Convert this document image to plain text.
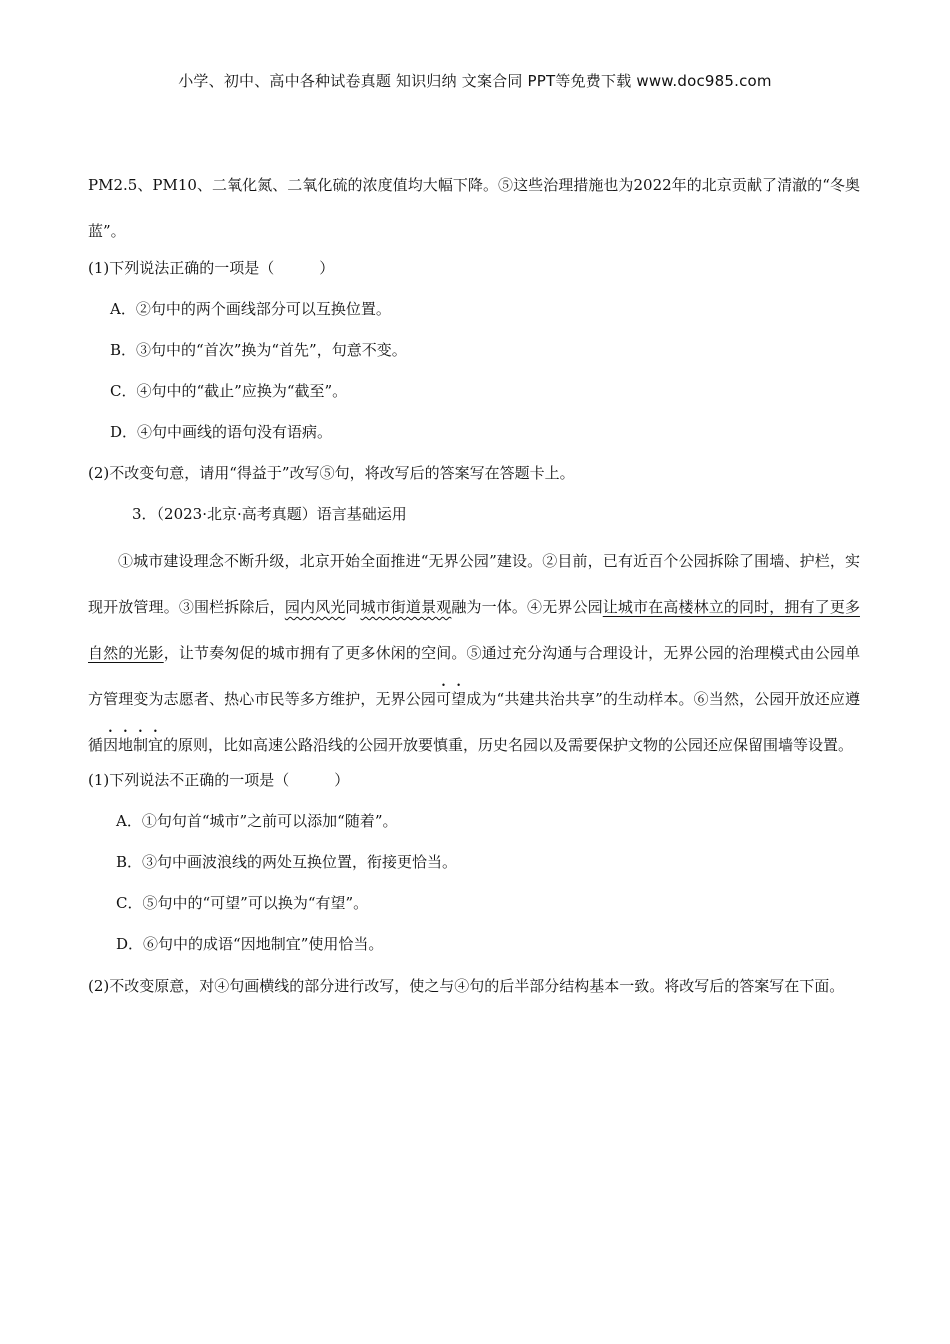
小学、初中、高中各种试卷真题 知识归纳 文案合同 PPT等免费下载 www.doc985.com

PM2.5、PM10、二氧化氮、二氧化硫的浓度值均大幅下降。⑤这些治理措施也为2022年的北京贡献了清澈的“冬奥蓝”。

(1)下列说法正确的一项是（　　　）

A．②句中的两个画线部分可以互换位置。

B．③句中的“首次”换为“首先”，句意不变。

C．④句中的“截止”应换为“截至”。

D．④句中画线的语句没有语病。

(2)不改变句意，请用“得益于”改写⑤句，将改写后的答案写在答题卡上。

3．（2023·北京·高考真题）语言基础运用

①城市建设理念不断升级，北京开始全面推进“无界公园”建设。②目前，已有近百个公园拆除了围墙、护栏，实现开放管理。③围栏拆除后，园内风光同城市街道景观融为一体。④无界公园让城市在高楼林立的同时，拥有了更多自然的光影，让节奏匆促的城市拥有了更多休闲的空间。⑤通过充分沟通与合理设计，无界公园的治理模式由公园单方管理变为志愿者、热心市民等多方维护，无界公园可望成为“共建共治共享”的生动样本。⑥当然，公园开放还应遵循因地制宜的原则，比如高速公路沿线的公园开放要慎重，历史名园以及需要保护文物的公园还应保留围墙等设置。

(1)下列说法不正确的一项是（　　　）

A．①句句首“城市”之前可以添加“随着”。

B．③句中画波浪线的两处互换位置，衔接更恰当。

C．⑤句中的“可望”可以换为“有望”。

D．⑥句中的成语“因地制宜”使用恰当。

(2)不改变原意，对④句画横线的部分进行改写，使之与④句的后半部分结构基本一致。将改写后的答案写在下面。
